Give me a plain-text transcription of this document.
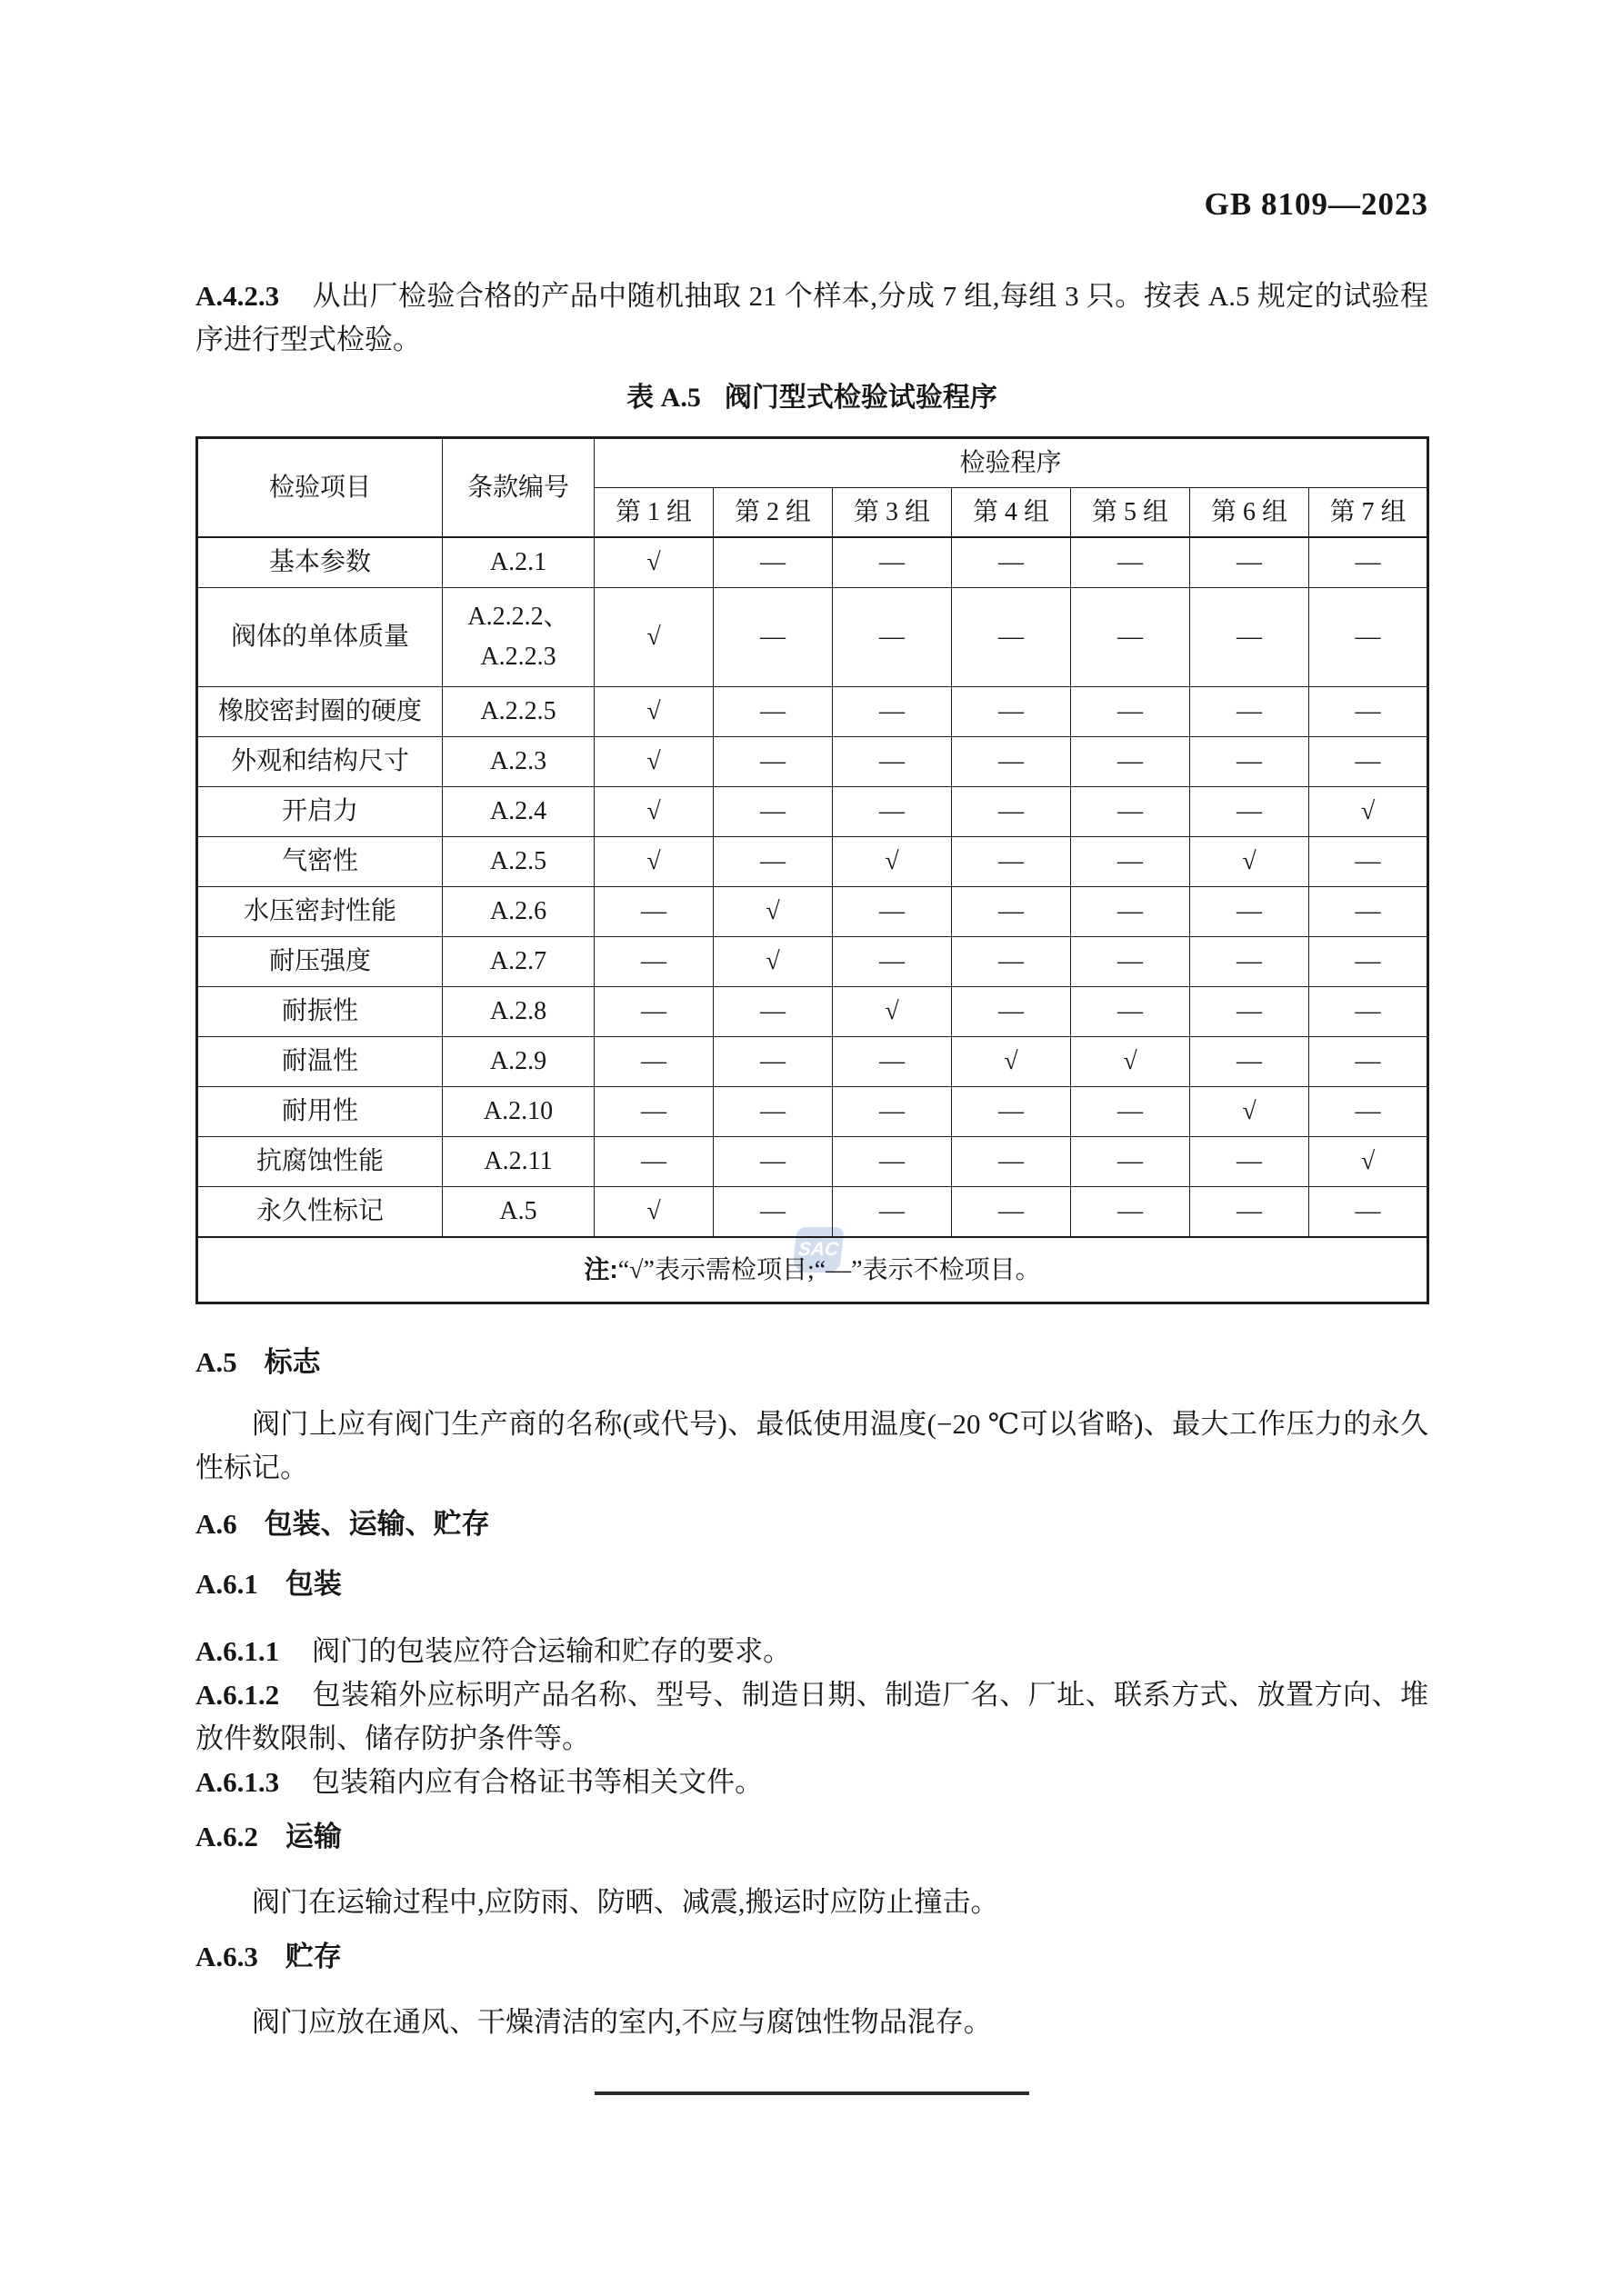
SAC
GB 8109—2023

A.4.2.3 从出厂检验合格的产品中随机抽取 21 个样本,分成 7 组,每组 3 只。按表 A.5 规定的试验程序进行型式检验。

表 A.5 阀门型式检验试验程序
检验项目	条款编号	检验程序						
		第 1 组	第 2 组	第 3 组	第 4 组	第 5 组	第 6 组	第 7 组
基本参数	A.2.1	√	—	—	—	—	—	—
阀体的单体质量	A.2.2.2、A.2.2.3	√	—	—	—	—	—	—
橡胶密封圈的硬度	A.2.2.5	√	—	—	—	—	—	—
外观和结构尺寸	A.2.3	√	—	—	—	—	—	—
开启力	A.2.4	√	—	—	—	—	—	√
气密性	A.2.5	√	—	√	—	—	√	—
水压密封性能	A.2.6	—	√	—	—	—	—	—
耐压强度	A.2.7	—	√	—	—	—	—	—
耐振性	A.2.8	—	—	√	—	—	—	—
耐温性	A.2.9	—	—	—	√	√	—	—
耐用性	A.2.10	—	—	—	—	—	√	—
抗腐蚀性能	A.2.11	—	—	—	—	—	—	√
永久性标记	A.5	√	—	—	—	—	—	—
注:“√”表示需检项目;“—”表示不检项目。								
A.5 标志

阀门上应有阀门生产商的名称(或代号)、最低使用温度(−20 ℃可以省略)、最大工作压力的永久性标记。

A.6 包装、运输、贮存
A.6.1 包装

A.6.1.1 阀门的包装应符合运输和贮存的要求。

A.6.1.2 包装箱外应标明产品名称、型号、制造日期、制造厂名、厂址、联系方式、放置方向、堆放件数限制、储存防护条件等。

A.6.1.3 包装箱内应有合格证书等相关文件。

A.6.2 运输

阀门在运输过程中,应防雨、防晒、减震,搬运时应防止撞击。

A.6.3 贮存

阀门应放在通风、干燥清洁的室内,不应与腐蚀性物品混存。
